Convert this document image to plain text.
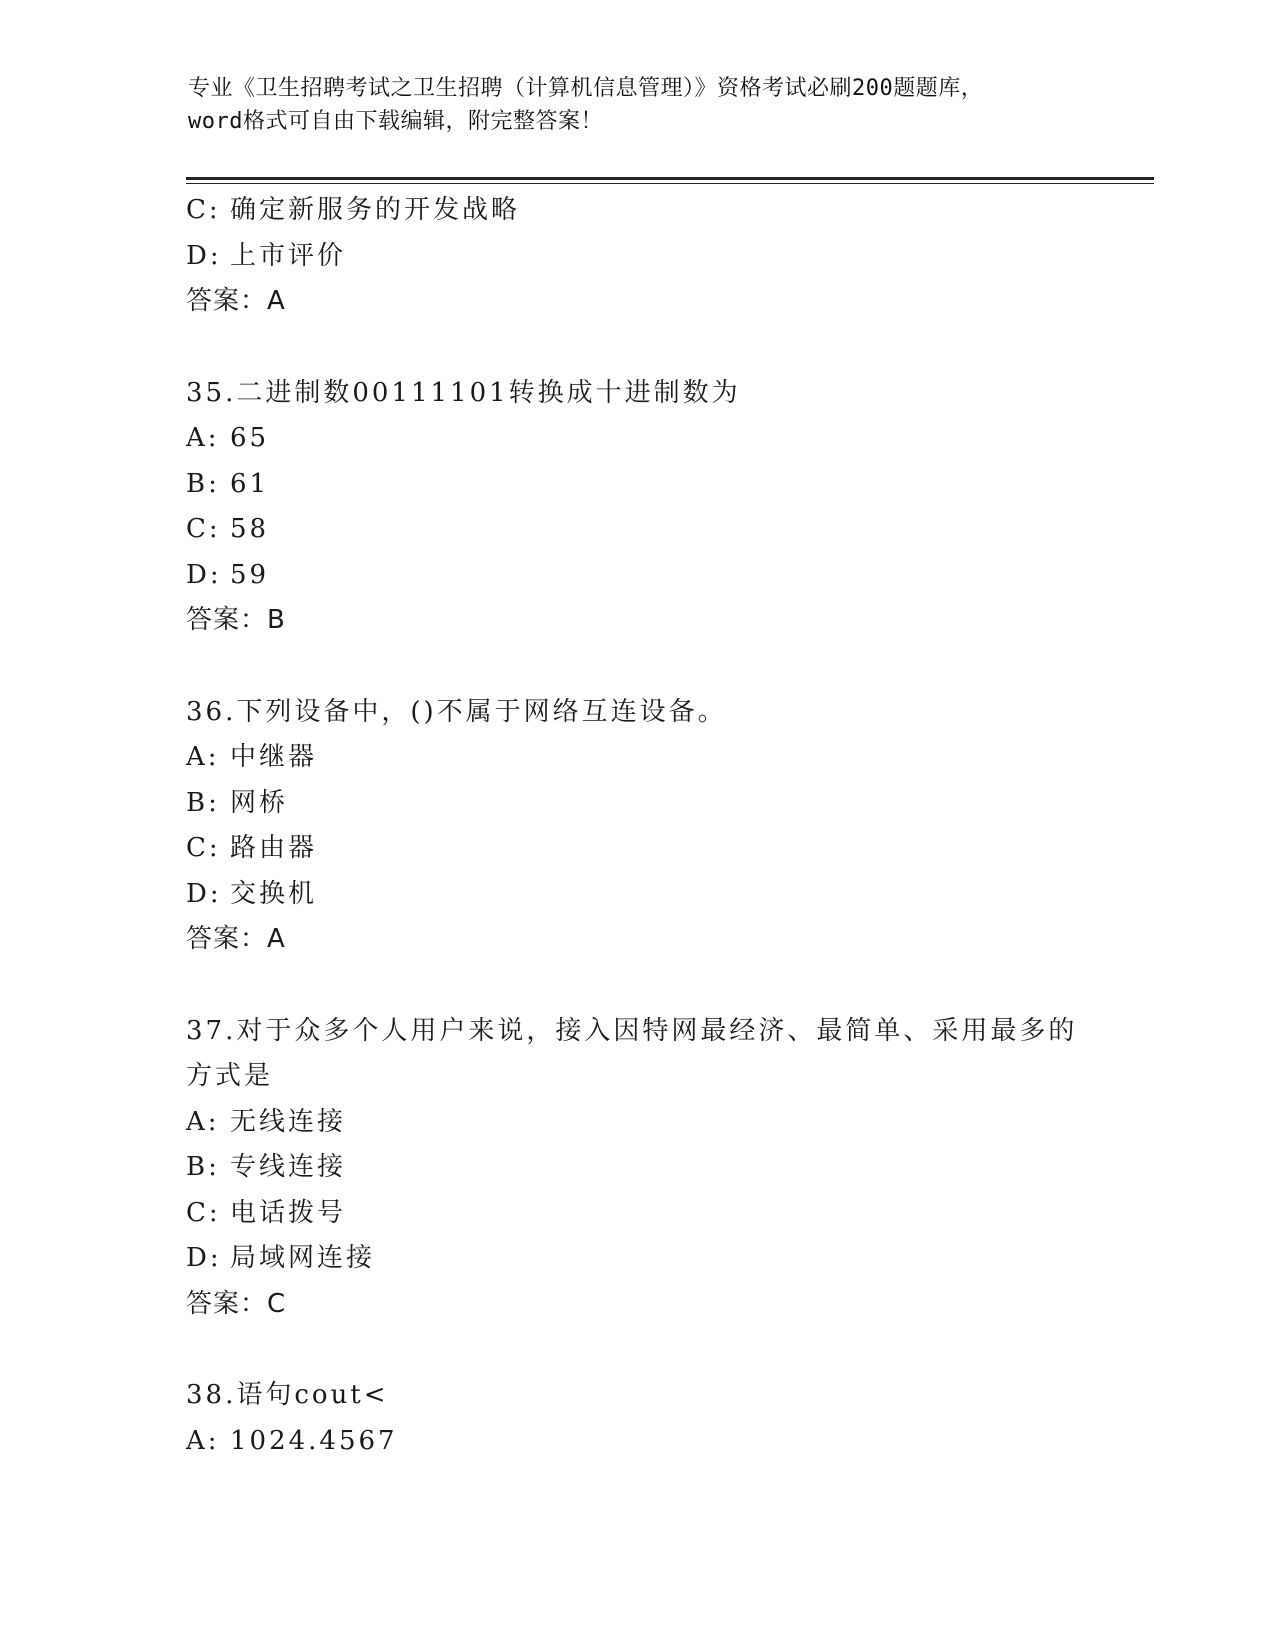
专业《卫生招聘考试之卫生招聘（计算机信息管理）》资格考试必刷200题题库，
word格式可自由下载编辑，附完整答案！
C: 确定新服务的开发战略
D: 上市评价
答案：A
35.二进制数00111101转换成十进制数为
A: 65
B: 61
C: 58
D: 59
答案：B
36.下列设备中，()不属于网络互连设备。
A: 中继器
B: 网桥
C: 路由器
D: 交换机
答案：A
37.对于众多个人用户来说，接入因特网最经济、最简单、采用最多的
方式是
A: 无线连接
B: 专线连接
C: 电话拨号
D: 局域网连接
答案：C
38.语句cout<
A: 1024.4567
